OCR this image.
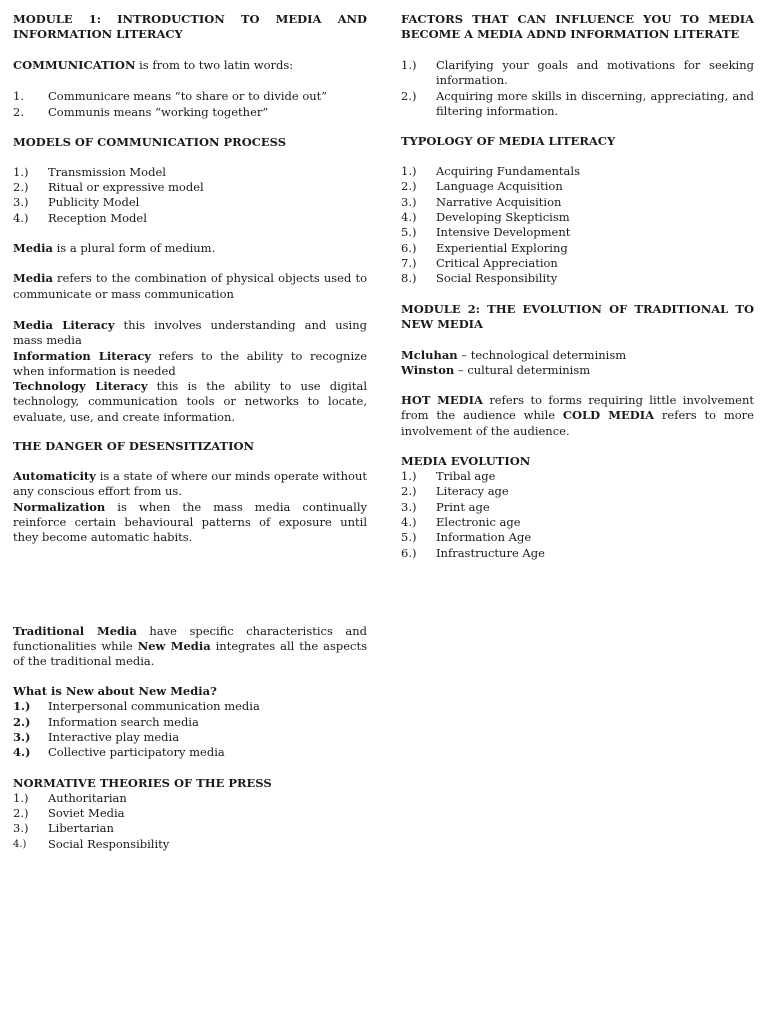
MODULE 1: INTRODUCTION TO MEDIA AND INFORMATION LITERACY

COMMUNICATION is from to two latin words:

1. Communicare means “to share or to divide out”
2. Communis means “working together”

MODELS OF COMMUNICATION PROCESS

1.) Transmission Model
2.) Ritual or expressive model
3.) Publicity Model
4.) Reception Model

Media is a plural form of medium.

Media refers to the combination of physical objects used to communicate or mass communication

Media Literacy this involves understanding and using mass media

Information Literacy refers to the ability to recognize when information is needed

Technology Literacy this is the ability to use digital technology, communication tools or networks to locate, evaluate, use, and create information.

THE DANGER OF DESENSITIZATION

Automaticity is a state of where our minds operate without any conscious effort from us.

Normalization is when the mass media continually reinforce certain behavioural patterns of exposure until they become automatic habits.

Traditional Media have specific characteristics and functionalities while New Media integrates all the aspects of the traditional media.

What is New about New Media?

1.) Interpersonal communication media
2.) Information search media
3.) Interactive play media
4.) Collective participatory media

NORMATIVE THEORIES OF THE PRESS

1.) Authoritarian
2.) Soviet Media
3.) Libertarian
4.) Social Responsibility

FACTORS THAT CAN INFLUENCE YOU TO MEDIA BECOME A MEDIA ADND INFORMATION LITERATE

1.) Clarifying your goals and motivations for seeking information.
2.) Acquiring more skills in discerning, appreciating, and filtering information.

TYPOLOGY OF MEDIA LITERACY

1.) Acquiring Fundamentals
2.) Language Acquisition
3.) Narrative Acquisition
4.) Developing Skepticism
5.) Intensive Development
6.) Experiential Exploring
7.) Critical Appreciation
8.) Social Responsibility

MODULE 2: THE EVOLUTION OF TRADITIONAL TO NEW MEDIA

Mcluhan – technological determinism

Winston – cultural determinism

HOT MEDIA refers to forms requiring little involvement from the audience while COLD MEDIA refers to more involvement of the audience.

MEDIA EVOLUTION

1.) Tribal age
2.) Literacy age
3.) Print age
4.) Electronic age
5.) Information Age
6.) Infrastructure Age
